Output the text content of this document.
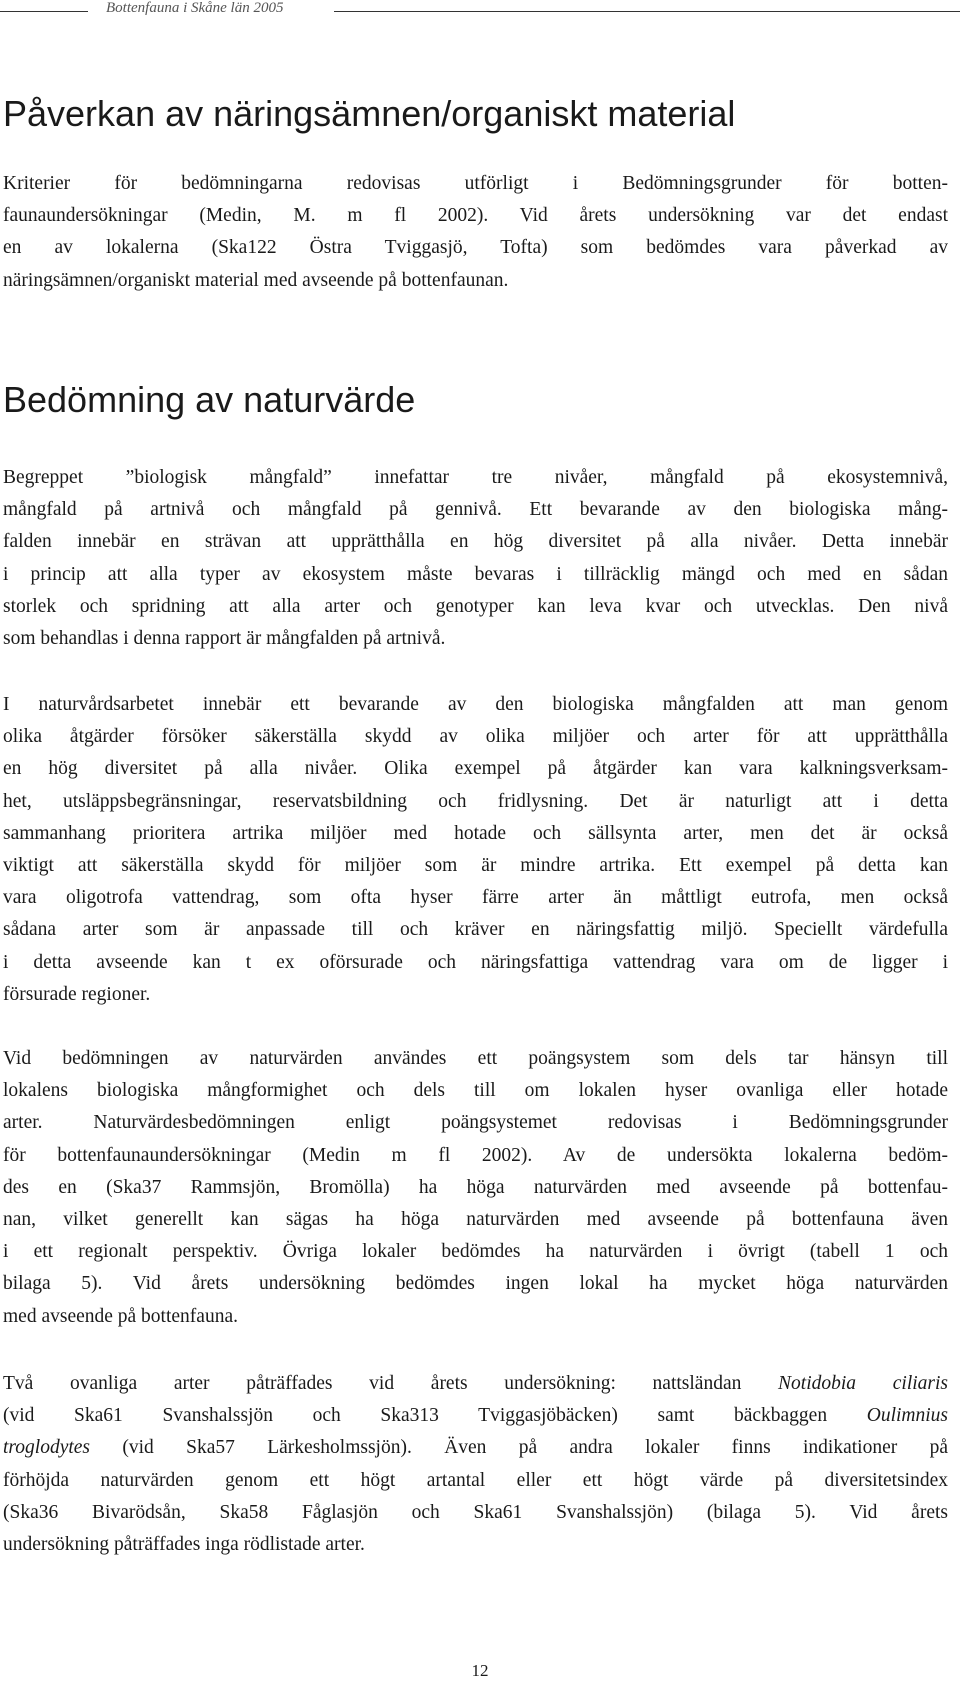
Bottenfauna i Skåne län 2005
Påverkan av näringsämnen/organiskt material

Kriterier för bedömningarna redovisas utförligt i Bedömningsgrunder för botten-
faunaundersökningar (Medin, M. m fl 2002). Vid årets undersökning var det endast
en av lokalerna (Ska122 Östra Tviggasjö, Tofta) som bedömdes vara påverkad av
näringsämnen/organiskt material med avseende på bottenfaunan.

Bedömning av naturvärde

Begreppet ”biologisk mångfald” innefattar tre nivåer, mångfald på ekosystemnivå,
mångfald på artnivå och mångfald på gennivå. Ett bevarande av den biologiska mång-
falden innebär en strävan att upprätthålla en hög diversitet på alla nivåer. Detta innebär
i princip att alla typer av ekosystem måste bevaras i tillräcklig mängd och med en sådan
storlek och spridning att alla arter och genotyper kan leva kvar och utvecklas. Den nivå
som behandlas i denna rapport är mångfalden på artnivå.

I naturvårdsarbetet innebär ett bevarande av den biologiska mångfalden att man genom
olika åtgärder försöker säkerställa skydd av olika miljöer och arter för att upprätthålla
en hög diversitet på alla nivåer. Olika exempel på åtgärder kan vara kalkningsverksam-
het, utsläppsbegränsningar, reservatsbildning och fridlysning. Det är naturligt att i detta
sammanhang prioritera artrika miljöer med hotade och sällsynta arter, men det är också
viktigt att säkerställa skydd för miljöer som är mindre artrika. Ett exempel på detta kan
vara oligotrofa vattendrag, som ofta hyser färre arter än måttligt eutrofa, men också
sådana arter som är anpassade till och kräver en näringsfattig miljö. Speciellt värdefulla
i detta avseende kan t ex oförsurade och näringsfattiga vattendrag vara om de ligger i
försurade regioner.

Vid bedömningen av naturvärden användes ett poängsystem som dels tar hänsyn till
lokalens biologiska mångformighet och dels till om lokalen hyser ovanliga eller hotade
arter. Naturvärdesbedömningen enligt poängsystemet redovisas i Bedömningsgrunder
för bottenfaunaundersökningar (Medin m fl 2002). Av de undersökta lokalerna bedöm-
des en (Ska37 Rammsjön, Bromölla) ha höga naturvärden med avseende på bottenfau-
nan, vilket generellt kan sägas ha höga naturvärden med avseende på bottenfauna även
i ett regionalt perspektiv. Övriga lokaler bedömdes ha naturvärden i övrigt (tabell 1 och
bilaga 5). Vid årets undersökning bedömdes ingen lokal ha mycket höga naturvärden
med avseende på bottenfauna.

Två ovanliga arter påträffades vid årets undersökning: nattsländan Notidobia ciliaris
(vid Ska61 Svanshalssjön och Ska313 Tviggasjöbäcken) samt bäckbaggen Oulimnius
troglodytes (vid Ska57 Lärkesholmssjön). Även på andra lokaler finns indikationer på
förhöjda naturvärden genom ett högt artantal eller ett högt värde på diversitetsindex
(Ska36 Bivarödsån, Ska58 Fåglasjön och Ska61 Svanshalssjön) (bilaga 5). Vid årets
undersökning påträffades inga rödlistade arter.

12
